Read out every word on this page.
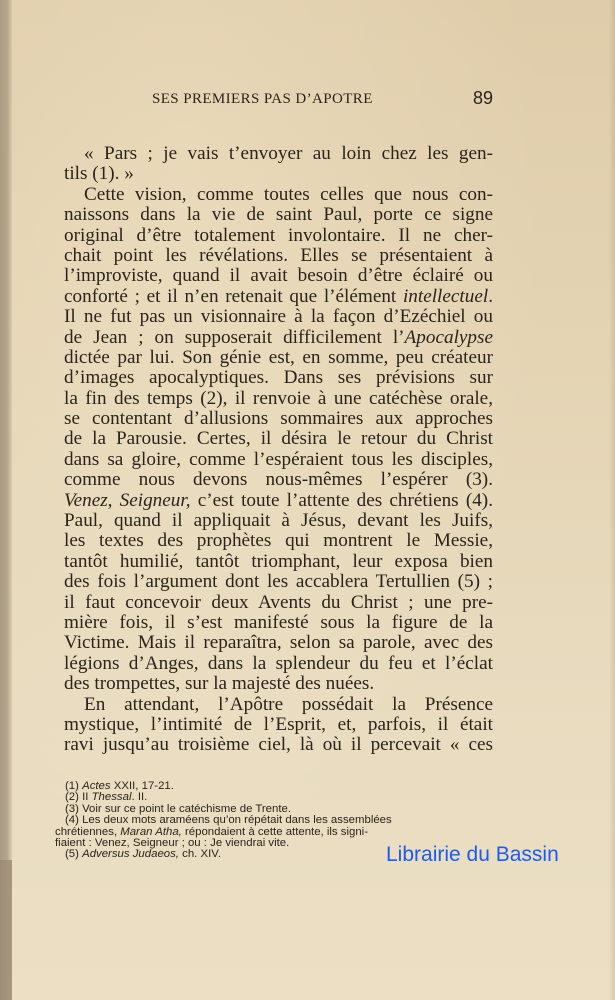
SES PREMIERS PAS D’APOTRE	89
« Pars ; je vais t’envoyer au loin chez les gen-
tils (1). »
Cette vision, comme toutes celles que nous con-
naissons dans la vie de saint Paul, porte ce signe
original d’être totalement involontaire. Il ne cher-
chait point les révélations. Elles se présentaient à
l’improviste, quand il avait besoin d’être éclairé ou
conforté ; et il n’en retenait que l’élément intellectuel.
Il ne fut pas un visionnaire à la façon d’Ezéchiel ou
de Jean ; on supposerait difficilement l’Apocalypse
dictée par lui. Son génie est, en somme, peu créateur
d’images apocalyptiques. Dans ses prévisions sur
la fin des temps (2), il renvoie à une catéchèse orale,
se contentant d’allusions sommaires aux approches
de la Parousie. Certes, il désira le retour du Christ
dans sa gloire, comme l’espéraient tous les disciples,
comme nous devons nous-mêmes l’espérer (3).
Venez, Seigneur, c’est toute l’attente des chrétiens (4).
Paul, quand il appliquait à Jésus, devant les Juifs,
les textes des prophètes qui montrent le Messie,
tantôt humilié, tantôt triomphant, leur exposa bien
des fois l’argument dont les accablera Tertullien (5) ;
il faut concevoir deux Avents du Christ ; une pre-
mière fois, il s’est manifesté sous la figure de la
Victime. Mais il reparaîtra, selon sa parole, avec des
légions d’Anges, dans la splendeur du feu et l’éclat
des trompettes, sur la majesté des nuées.
En attendant, l’Apôtre possédait la Présence
mystique, l’intimité de l’Esprit, et, parfois, il était
ravi jusqu’au troisième ciel, là où il percevait « ces
(1) Actes XXII, 17-21.
(2) II Thessal. II.
(3) Voir sur ce point le catéchisme de Trente.
(4) Les deux mots araméens qu’on répétait dans les assemblées
chrétiennes, Maran Atha, répondaient à cette attente, ils signi-
fiaient : Venez, Seigneur ; ou : Je viendrai vite.
(5) Adversus Judaeos, ch. XIV.	Librairie du Bassin
